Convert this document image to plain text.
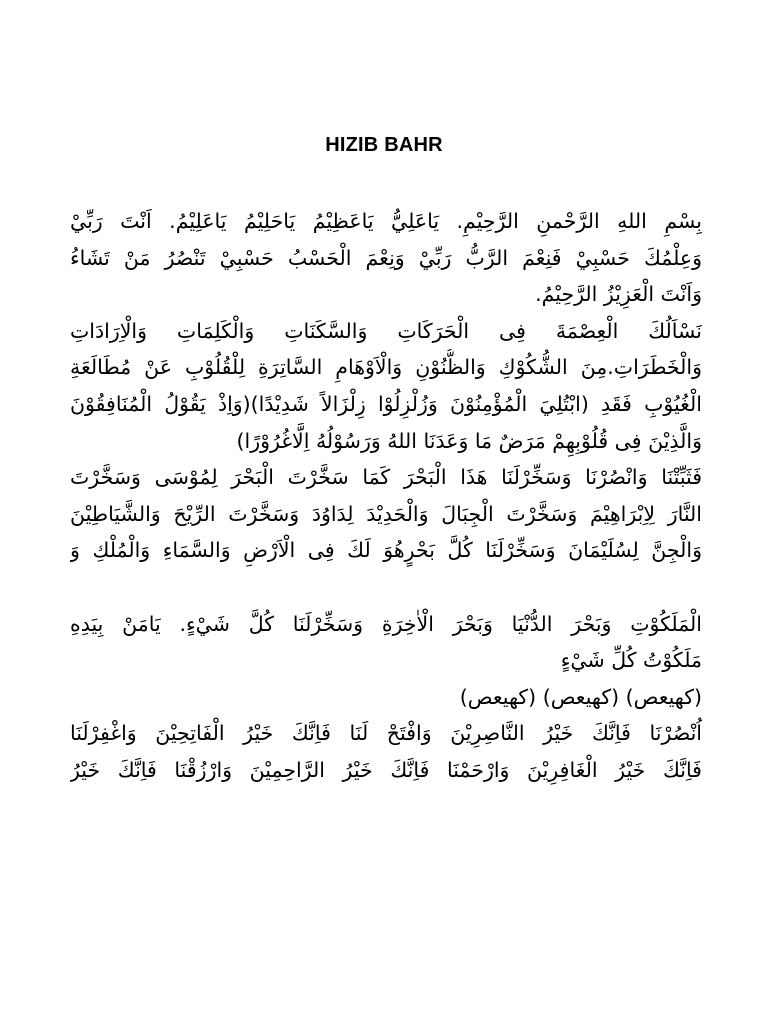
HIZIB BAHR
بِسْمِ اللهِ الرَّحْمنِ الرَّحِيْمِ. يَاعَلِيُّ يَاعَظِيْمُ يَاحَلِيْمُ يَاعَلِيْمُ. اَنْتَ رَبِّيْ
وَعِلْمُكَ حَسْبِيْ فَنِعْمَ الرَّبُّ رَبِّيْ وَنِعْمَ الْحَسْبُ حَسْبِيْ تَنْصُرُ مَنْ تَشَاءُ
وَاَنْتَ الْعَزِيْزُ الرَّحِيْمُ.
نَسْاَلُكَ الْعِصْمَةَ فِى الْحَرَكَاتِ وَالسَّكَنَاتِ وَالْكَلِمَاتِ وَالْاِرَادَاتِ
وَالْخَطَرَاتِ.مِنَ الشُّكُوْكِ وَالظُّنُوْنِ وَالْاَوْهَامِ السَّاتِرَةِ لِلْقُلُوْبِ عَنْ مُطَالَعَةِ
الْغُيُوْبِ فَقَدِ (ابْتُلِيَ الْمُؤْمِنُوْنَ وَزُلْزِلُوْا زِلْزَالاً شَدِيْدًا)(وَاِذْ يَقُوْلُ الْمُنَافِقُوْنَ
وَالَّذِيْنَ فِى قُلُوْبِهِمْ مَرَضٌ مَا وَعَدَنَا اللهُ وَرَسُوْلُهُ اِلَّاغُرُوْرًا)
فَثَبِّتْنَا وَانْصُرْنَا وَسَخِّرْلَنَا هَذَا الْبَحْرَ كَمَا سَخَّرْتَ الْبَحْرَ لِمُوْسَى وَسَخَّرْتَ
النَّارَ لِاِبْرَاهِيْمَ وَسَخَّرْتَ الْجِبَالَ وَالْحَدِيْدَ لِدَاوُدَ وَسَخَّرْتَ الرِّيْحَ وَالشَّيَاطِيْنَ
وَالْجِنَّ لِسُلَيْمَانَ وَسَخِّرْلَنَا كُلَّ بَحْرٍهُوَ لَكَ فِى الْاَرْضِ وَالسَّمَاءِ وَالْمُلْكِ وَ
الْمَلَكُوْتِ وَبَحْرَ الدُّنْيَا وَبَحْرَ الْاٰخِرَةِ وَسَخِّرْلَنَا كُلَّ شَيْءٍ. يَامَنْ بِيَدِهِ
مَلَكُوْتُ كُلِّ شَيْءٍ
(كهيعص) (كهيعص) (كهيعص)
اُنْصُرْنَا فَاِنَّكَ خَيْرُ النَّاصِرِيْنَ وَافْتَحْ لَنَا فَاِنَّكَ خَيْرُ الْفَاتِحِيْنَ وَاغْفِرْلَنَا
فَاِنَّكَ خَيْرُ الْغَافِرِيْنَ وَارْحَمْنَا فَاِنَّكَ خَيْرُ الرَّاحِمِيْنَ وَارْزُقْنَا فَاِنَّكَ خَيْرُ
